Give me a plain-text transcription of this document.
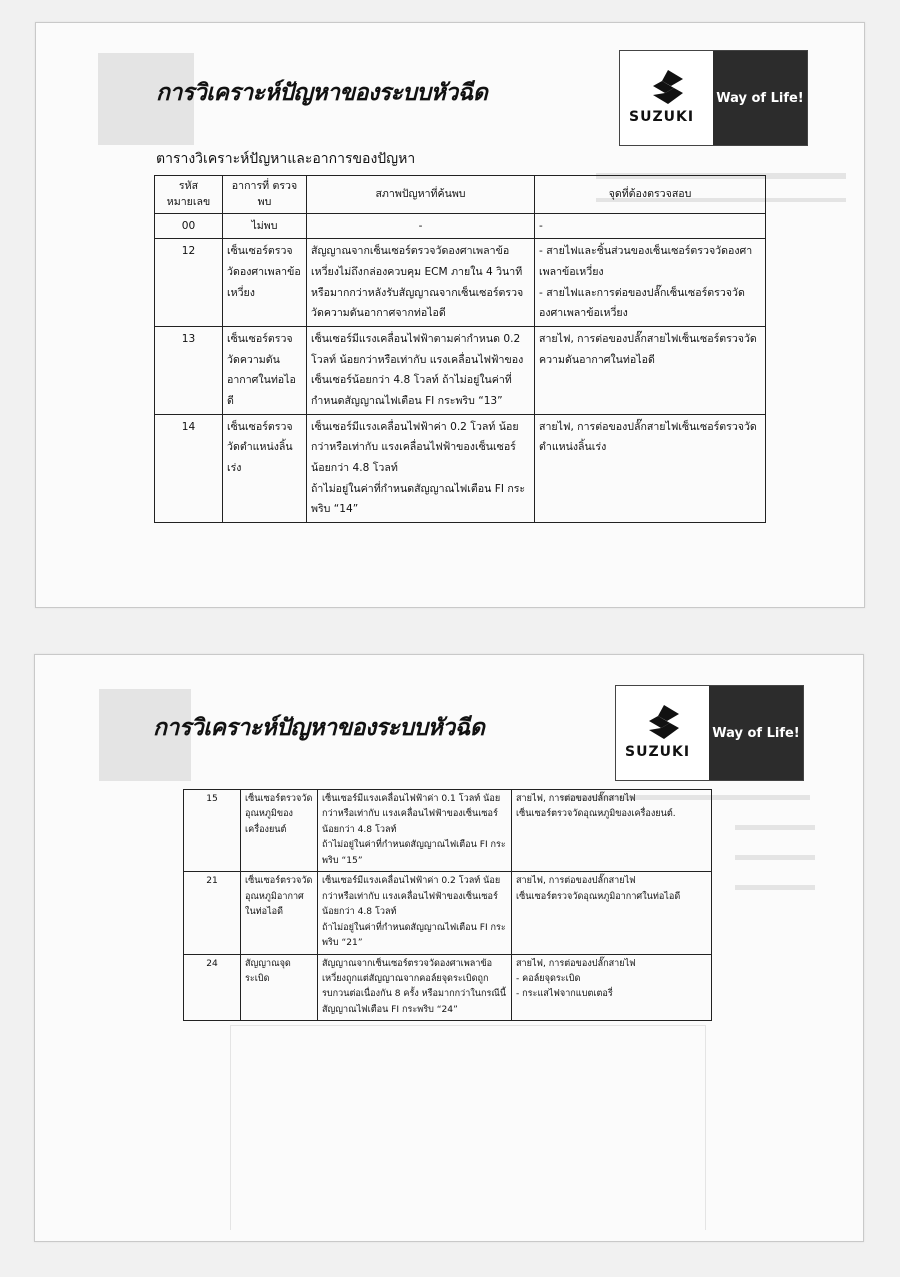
การวิเคราะห์ปัญหาของระบบหัวฉีด
SUZUKI
Way of Life!

ตารางวิเคราะห์ปัญหาและอาการของปัญหา

รหัส หมายเลข	อาการที่ ตรวจพบ	สภาพปัญหาที่ค้นพบ	จุดที่ต้องตรวจสอบ
00	ไม่พบ	-	-
12	เซ็นเซอร์ตรวจวัดองศาเพลาข้อเหวี่ยง	สัญญาณจากเซ็นเซอร์ตรวจวัดองศาเพลาข้อเหวี่ยงไม่ถึงกล่องควบคุม ECM ภายใน 4 วินาที หรือมากกว่าหลังรับสัญญาณจากเซ็นเซอร์ตรวจวัดความดันอากาศจากท่อไอดี	- สายไฟและชิ้นส่วนของเซ็นเซอร์ตรวจวัดองศาเพลาข้อเหวี่ยง
- สายไฟและการต่อของปลั๊กเซ็นเซอร์ตรวจวัดองศาเพลาข้อเหวี่ยง

13	เซ็นเซอร์ตรวจวัดความดันอากาศในท่อไอดี	เซ็นเซอร์มีแรงเคลื่อนไฟฟ้าตามค่ากำหนด 0.2 โวลท์ น้อยกว่าหรือเท่ากับ แรงเคลื่อนไฟฟ้าของเซ็นเซอร์น้อยกว่า 4.8 โวลท์ ถ้าไม่อยู่ในค่าที่กำหนดสัญญาณไฟเตือน FI กระพริบ “13”	สายไฟ, การต่อของปลั๊กสายไฟเซ็นเซอร์ตรวจวัด
ความดันอากาศในท่อไอดี

14	เซ็นเซอร์ตรวจวัดตำแหน่งลิ้นเร่ง	เซ็นเซอร์มีแรงเคลื่อนไฟฟ้าค่า 0.2 โวลท์ น้อยกว่าหรือเท่ากับ แรงเคลื่อนไฟฟ้าของเซ็นเซอร์น้อยกว่า 4.8 โวลท์
ถ้าไม่อยู่ในค่าที่กำหนดสัญญาณไฟเตือน FI กระพริบ “14”	สายไฟ, การต่อของปลั๊กสายไฟเซ็นเซอร์ตรวจวัดตำแหน่งลิ้นเร่ง
การวิเคราะห์ปัญหาของระบบหัวฉีด
SUZUKI
Way of Life!
15	เซ็นเซอร์ตรวจวัดอุณหภูมิของเครื่องยนต์	เซ็นเซอร์มีแรงเคลื่อนไฟฟ้าค่า 0.1 โวลท์ น้อยกว่าหรือเท่ากับ แรงเคลื่อนไฟฟ้าของเซ็นเซอร์ น้อยกว่า 4.8 โวลท์
ถ้าไม่อยู่ในค่าที่กำหนดสัญญาณไฟเตือน FI กระพริบ “15”	สายไฟ, การต่อของปลั๊กสายไฟ
เซ็นเซอร์ตรวจวัดอุณหภูมิของเครื่องยนต์.

21	เซ็นเซอร์ตรวจวัดอุณหภูมิอากาศในท่อไอดี	เซ็นเซอร์มีแรงเคลื่อนไฟฟ้าค่า 0.2 โวลท์ น้อยกว่าหรือเท่ากับ แรงเคลื่อนไฟฟ้าของเซ็นเซอร์น้อยกว่า 4.8 โวลท์
ถ้าไม่อยู่ในค่าที่กำหนดสัญญาณไฟเตือน FI กระพริบ “21”	สายไฟ, การต่อของปลั๊กสายไฟ
เซ็นเซอร์ตรวจวัดอุณหภูมิอากาศในท่อไอดี

24	สัญญาณจุดระเบิด	สัญญาณจากเซ็นเซอร์ตรวจวัดองศาเพลาข้อเหวี่ยงถูกแต่สัญญาณจากคอล์ยจุดระเบิดถูกรบกวนต่อเนื่องกัน 8 ครั้ง หรือมากกว่าในกรณีนี้สัญญาณไฟเตือน FI กระพริบ “24”	สายไฟ, การต่อของปลั๊กสายไฟ
- คอล์ยจุดระเบิด
- กระแสไฟจากแบตเตอรี่
